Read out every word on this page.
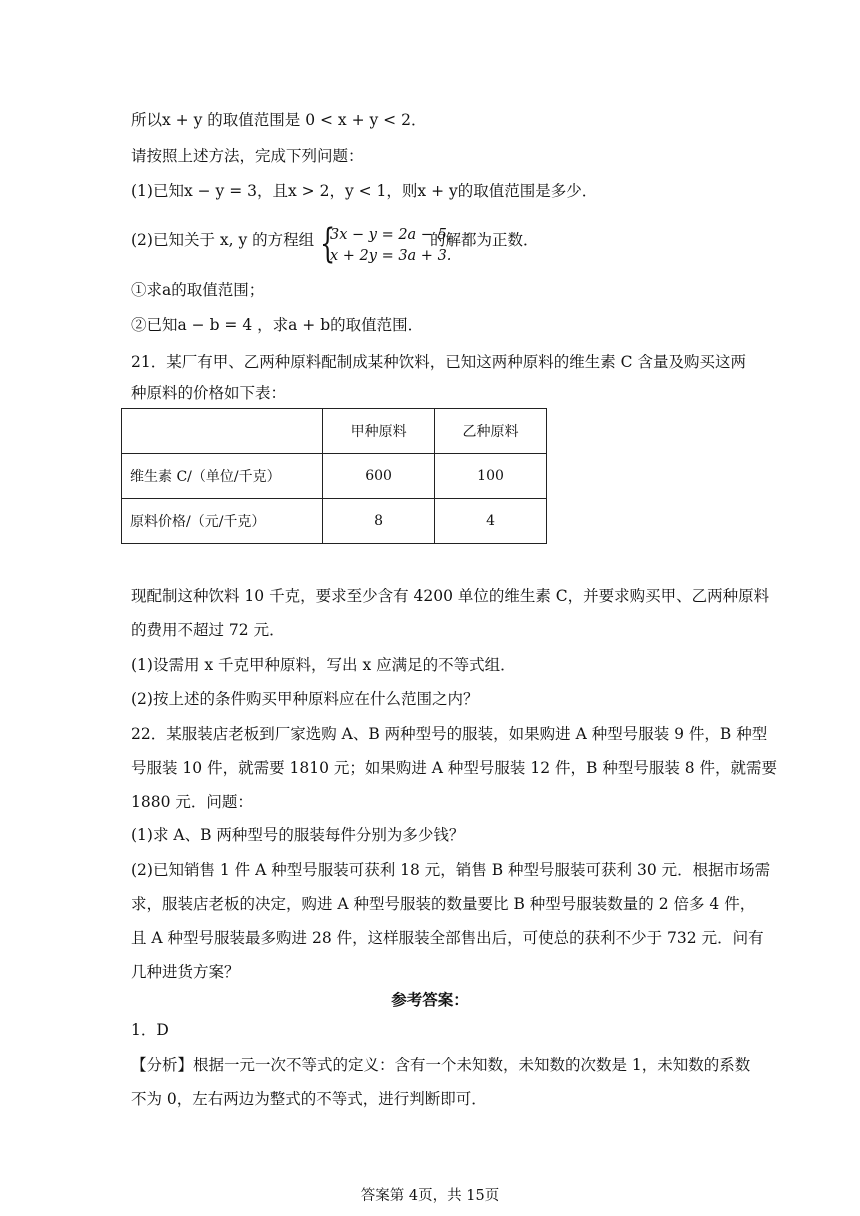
所以x + y 的取值范围是 0 < x + y < 2．
请按照上述方法，完成下列问题：
(1)已知x − y = 3，且x > 2，y < 1，则x + y的取值范围是多少．
(2)已知关于 x, y 的方程组 {
3x − y = 2a − 5,
x + 2y = 3a + 3.
的解都为正数．
①求a的取值范围；
②已知a − b = 4 ，求a + b的取值范围．
21．某厂有甲、乙两种原料配制成某种饮料，已知这两种原料的维生素 C 含量及购买这两
种原料的价格如下表：
	甲种原料	乙种原料
维生素 C/（单位/千克）	600	100
原料价格/（元/千克）	8	4
现配制这种饮料 10 千克，要求至少含有 4200 单位的维生素 C，并要求购买甲、乙两种原料
的费用不超过 72 元．
(1)设需用 x 千克甲种原料，写出 x 应满足的不等式组．
(2)按上述的条件购买甲种原料应在什么范围之内？
22．某服装店老板到厂家选购 A、B 两种型号的服装，如果购进 A 种型号服装 9 件，B 种型
号服装 10 件，就需要 1810 元；如果购进 A 种型号服装 12 件，B 种型号服装 8 件，就需要
1880 元．问题：
(1)求 A、B 两种型号的服装每件分别为多少钱？
(2)已知销售 1 件 A 种型号服装可获利 18 元，销售 B 种型号服装可获利 30 元．根据市场需
求，服装店老板的决定，购进 A 种型号服装的数量要比 B 种型号服装数量的 2 倍多 4 件，
且 A 种型号服装最多购进 28 件，这样服装全部售出后，可使总的获利不少于 732 元．问有
几种进货方案？
参考答案：
1．D
【分析】根据一元一次不等式的定义：含有一个未知数，未知数的次数是 1，未知数的系数
不为 0，左右两边为整式的不等式，进行判断即可．
答案第 4页，共 15页
